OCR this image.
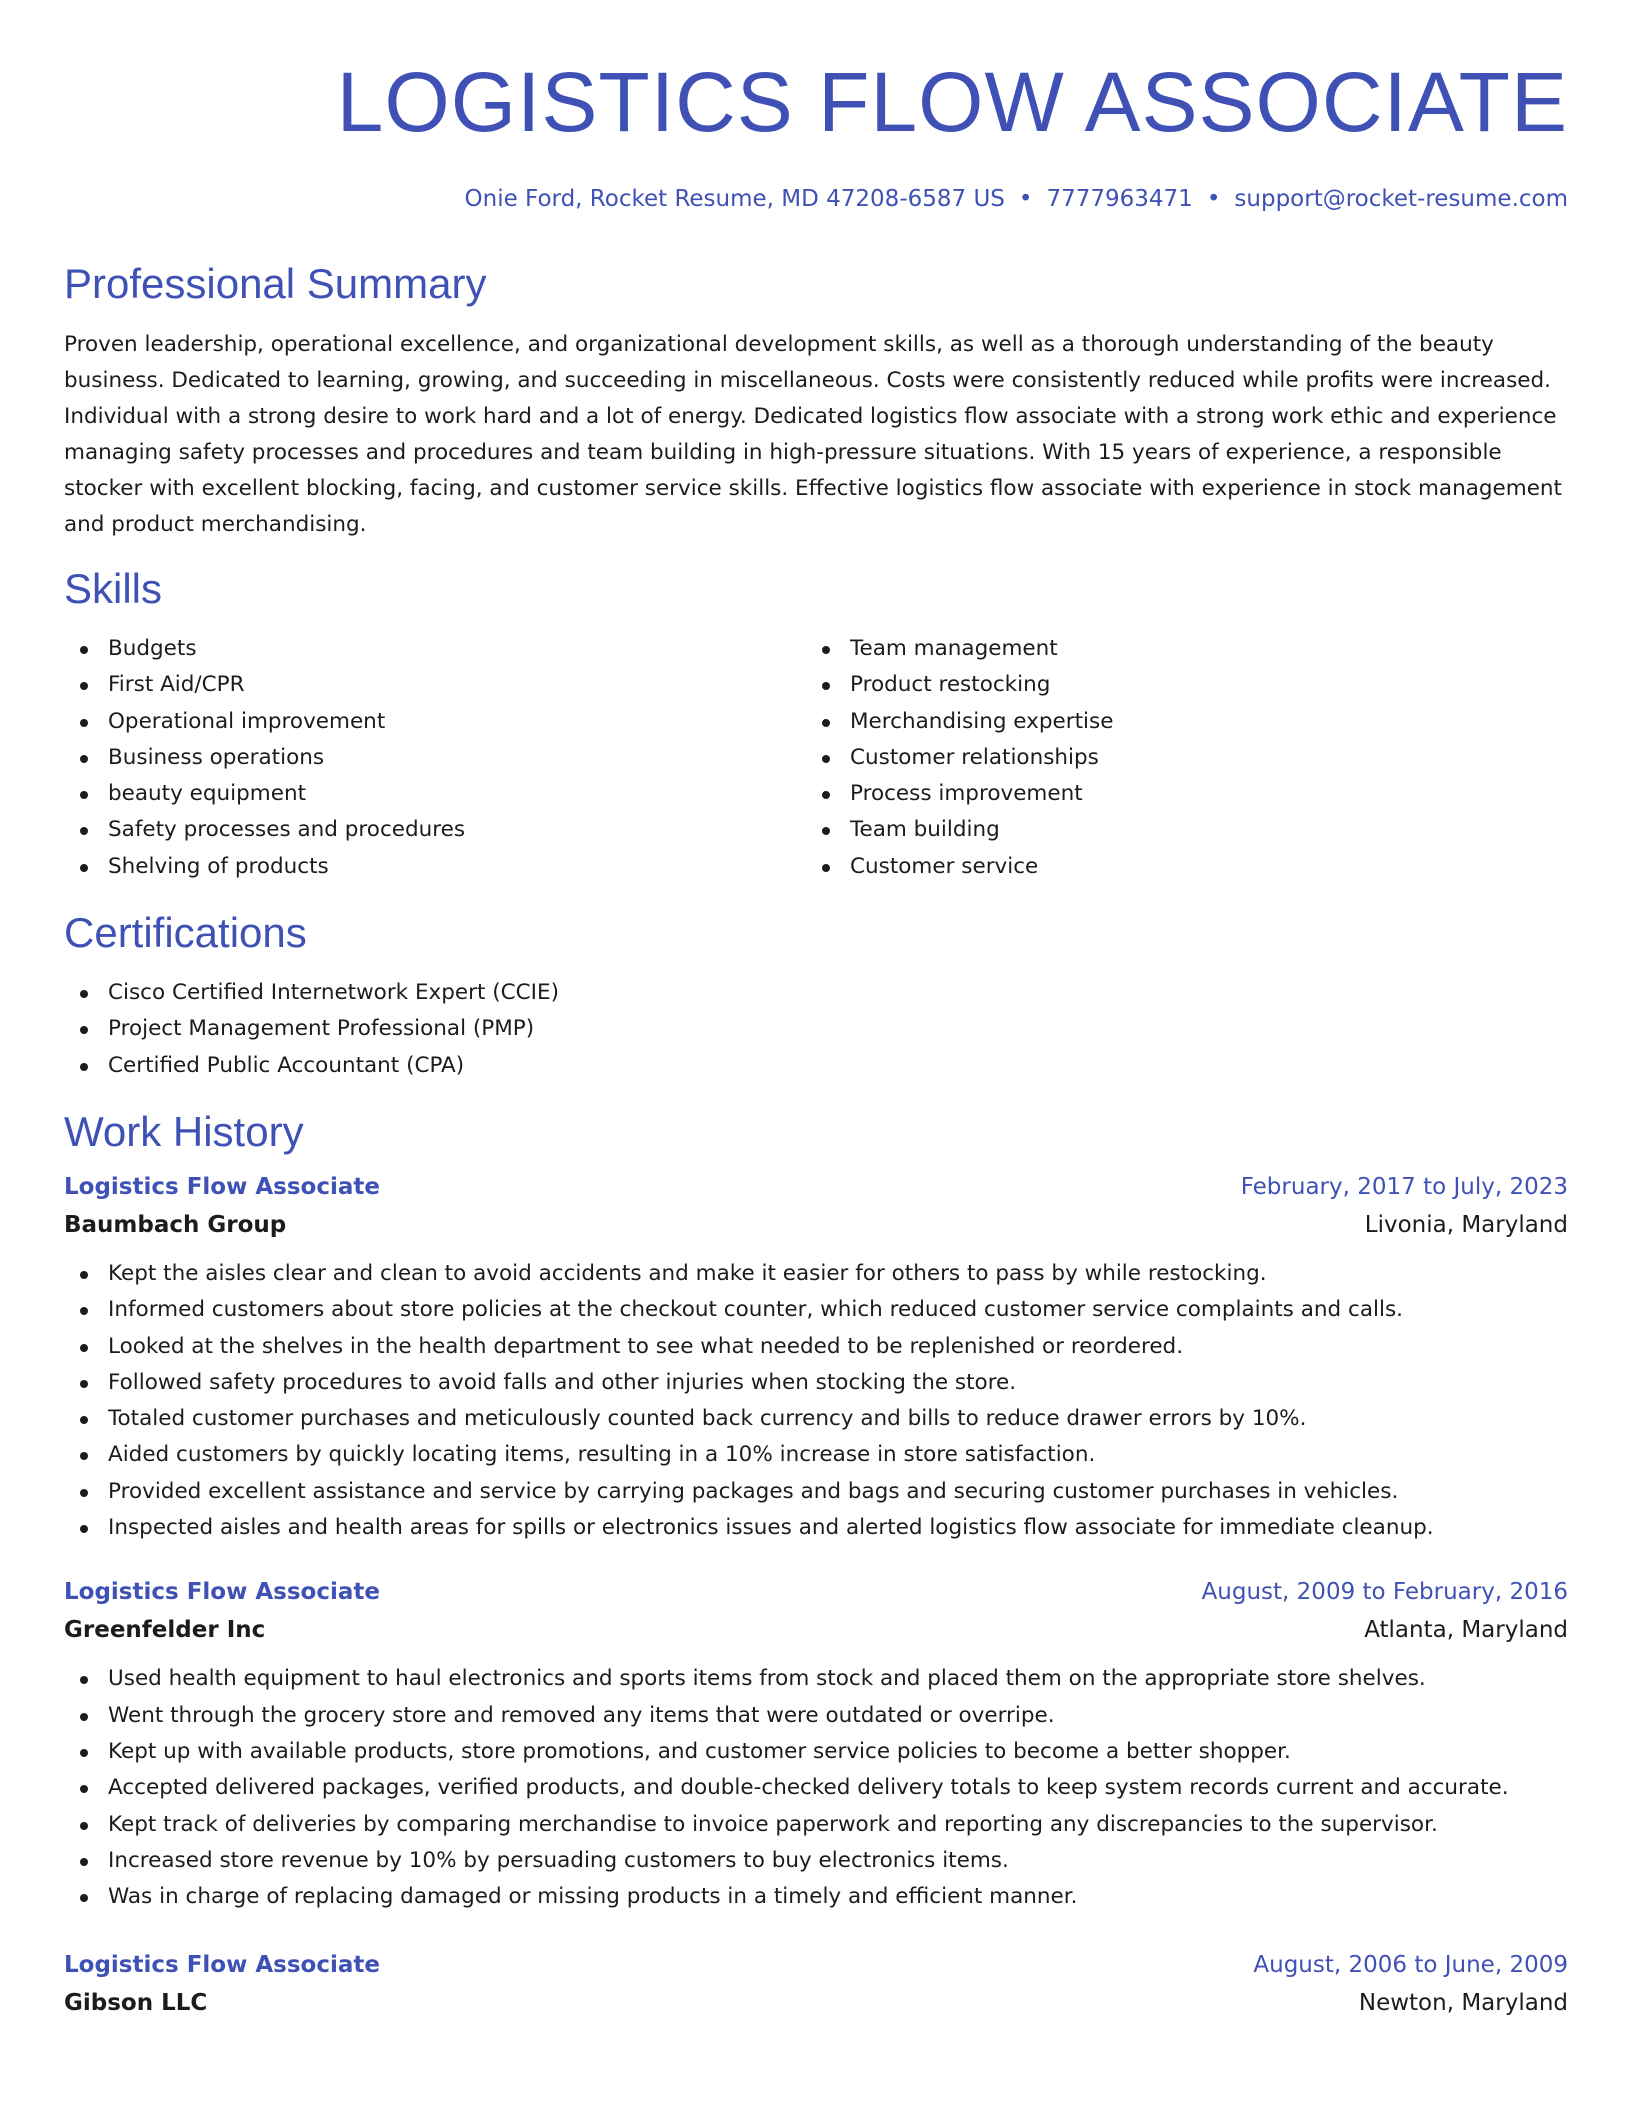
LOGISTICS FLOW ASSOCIATE
Onie Ford, Rocket Resume, MD 47208-6587 US • 7777963471 • support@rocket-resume.com
Professional Summary

Proven leadership, operational excellence, and organizational development skills, as well as a thorough understanding of the beauty business. Dedicated to learning, growing, and succeeding in miscellaneous. Costs were consistently reduced while profits were increased. Individual with a strong desire to work hard and a lot of energy. Dedicated logistics flow associate with a strong work ethic and experience managing safety processes and procedures and team building in high-pressure situations. With 15 years of experience, a responsible stocker with excellent blocking, facing, and customer service skills. Effective logistics flow associate with experience in stock management and product merchandising.

Skills
Budgets
First Aid/CPR
Operational improvement
Business operations
beauty equipment
Safety processes and procedures
Shelving of products
Team management
Product restocking
Merchandising expertise
Customer relationships
Process improvement
Team building
Customer service
Certifications
Cisco Certified Internetwork Expert (CCIE)
Project Management Professional (PMP)
Certified Public Accountant (CPA)
Work History
Logistics Flow Associate	February, 2017 to July, 2023
Baumbach Group	Livonia, Maryland
Kept the aisles clear and clean to avoid accidents and make it easier for others to pass by while restocking.
Informed customers about store policies at the checkout counter, which reduced customer service complaints and calls.
Looked at the shelves in the health department to see what needed to be replenished or reordered.
Followed safety procedures to avoid falls and other injuries when stocking the store.
Totaled customer purchases and meticulously counted back currency and bills to reduce drawer errors by 10%.
Aided customers by quickly locating items, resulting in a 10% increase in store satisfaction.
Provided excellent assistance and service by carrying packages and bags and securing customer purchases in vehicles.
Inspected aisles and health areas for spills or electronics issues and alerted logistics flow associate for immediate cleanup.
Logistics Flow Associate	August, 2009 to February, 2016
Greenfelder Inc	Atlanta, Maryland
Used health equipment to haul electronics and sports items from stock and placed them on the appropriate store shelves.
Went through the grocery store and removed any items that were outdated or overripe.
Kept up with available products, store promotions, and customer service policies to become a better shopper.
Accepted delivered packages, verified products, and double-checked delivery totals to keep system records current and accurate.
Kept track of deliveries by comparing merchandise to invoice paperwork and reporting any discrepancies to the supervisor.
Increased store revenue by 10% by persuading customers to buy electronics items.
Was in charge of replacing damaged or missing products in a timely and efficient manner.
Logistics Flow Associate	August, 2006 to June, 2009
Gibson LLC	Newton, Maryland
